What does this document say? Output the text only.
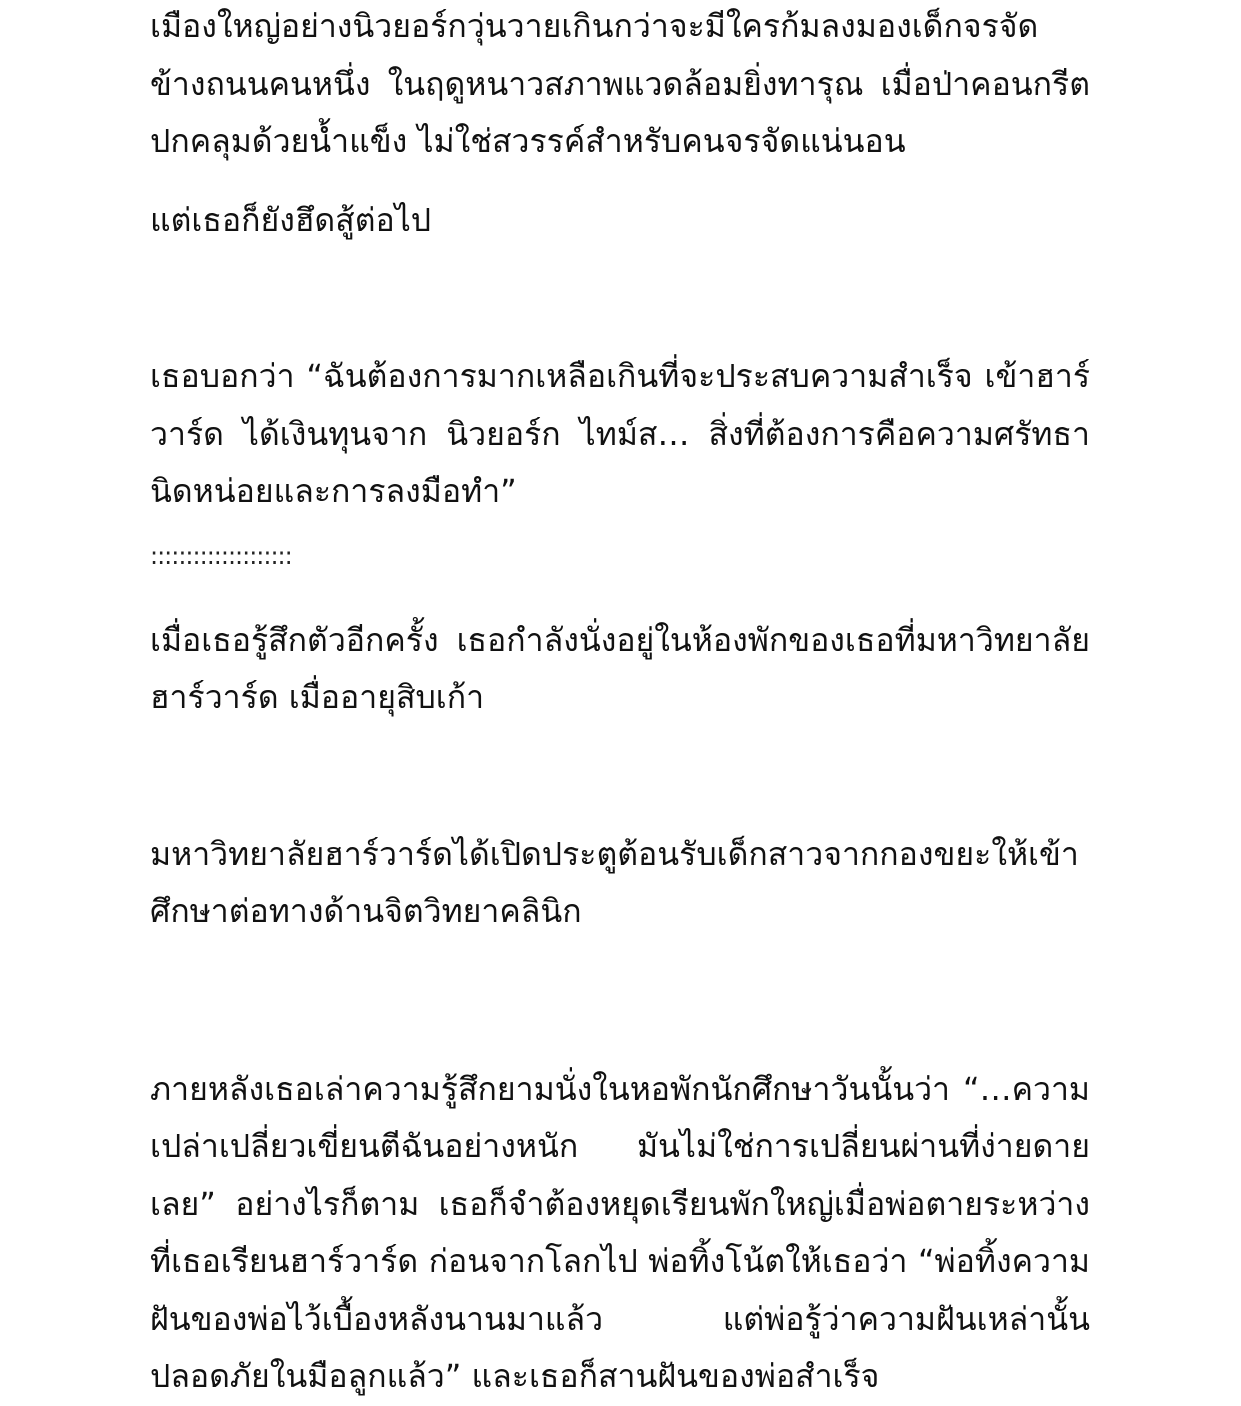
เมืองใหญ่อย่างนิวยอร์กวุ่นวายเกินกว่าจะมีใครก้มลงมองเด็กจรจัดข้างถนนคนหนึ่ง ในฤดูหนาวสภาพแวดล้อมยิ่งทารุณ เมื่อป่าคอนกรีตปกคลุมด้วยน้ำแข็ง ไม่ใช่สวรรค์สำหรับคนจรจัดแน่นอน

แต่เธอก็ยังฮึดสู้ต่อไป

เธอบอกว่า “ฉันต้องการมากเหลือเกินที่จะประสบความสำเร็จ เข้าฮาร์วาร์ด ได้เงินทุนจาก นิวยอร์ก ไทม์ส… สิ่งที่ต้องการคือความศรัทธานิดหน่อยและการลงมือทำ”

::::::::::::::::::::

เมื่อเธอรู้สึกตัวอีกครั้ง เธอกำลังนั่งอยู่ในห้องพักของเธอที่มหาวิทยาลัยฮาร์วาร์ด เมื่ออายุสิบเก้า

มหาวิทยาลัยฮาร์วาร์ดได้เปิดประตูต้อนรับเด็กสาวจากกองขยะให้เข้าศึกษาต่อทางด้านจิตวิทยาคลินิก

ภายหลังเธอเล่าความรู้สึกยามนั่งในหอพักนักศึกษาวันนั้นว่า “…ความเปล่าเปลี่ยวเขี่ยนตีฉันอย่างหนัก มันไม่ใช่การเปลี่ยนผ่านที่ง่ายดายเลย” อย่างไรก็ตาม เธอก็จำต้องหยุดเรียนพักใหญ่เมื่อพ่อตายระหว่างที่เธอเรียนฮาร์วาร์ด ก่อนจากโลกไป พ่อทิ้งโน้ตให้เธอว่า “พ่อทิ้งความฝันของพ่อไว้เบื้องหลังนานมาแล้ว แต่พ่อรู้ว่าความฝันเหล่านั้นปลอดภัยในมือลูกแล้ว” และเธอก็สานฝันของพ่อสำเร็จ
